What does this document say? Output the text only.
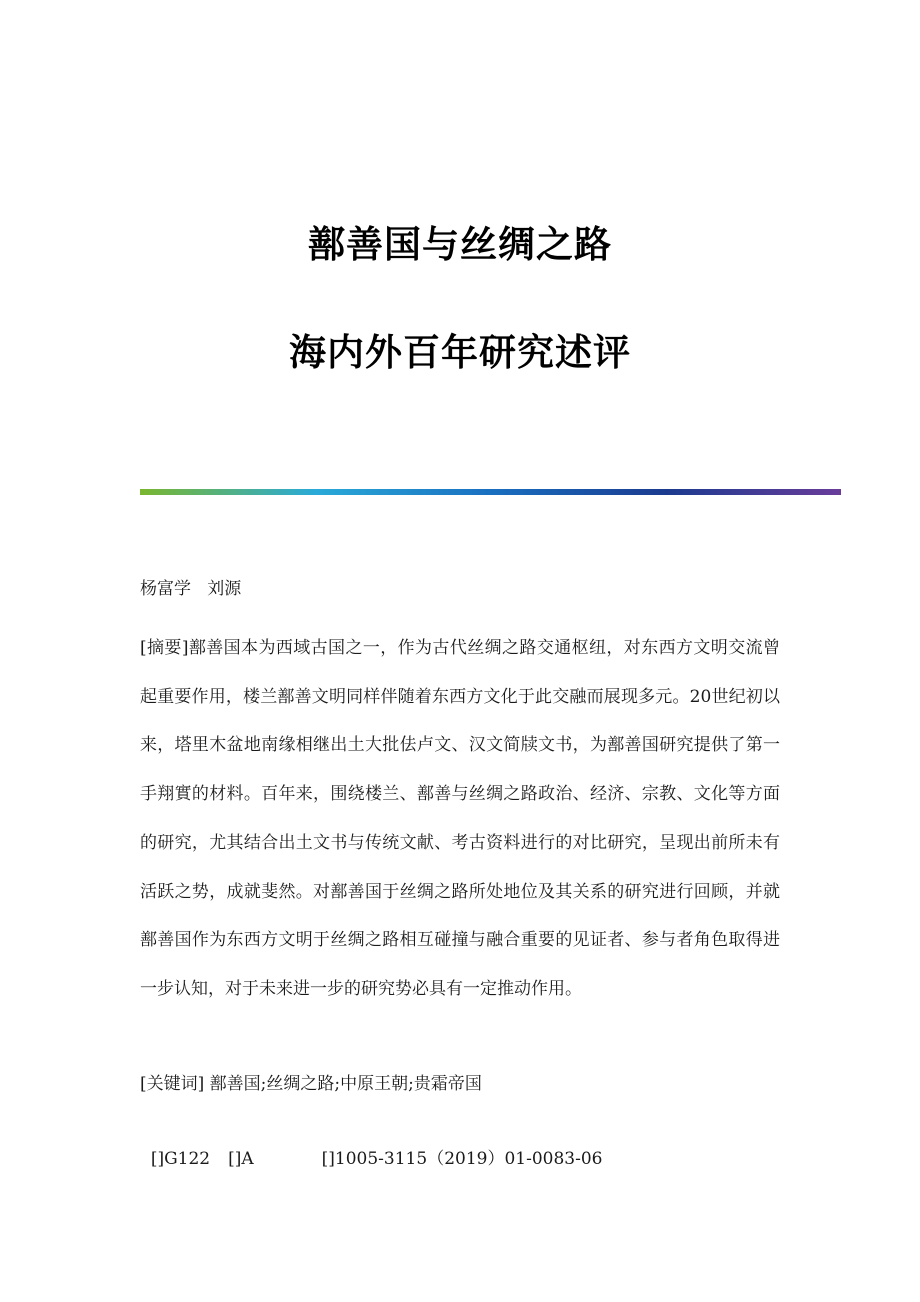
鄯善国与丝绸之路
海内外百年研究述评
杨富学   刘源

[摘要]鄯善国本为西域古国之一，作为古代丝绸之路交通枢纽，对东西方文明交流曾起重要作用，楼兰鄯善文明同样伴随着东西方文化于此交融而展现多元。20世纪初以来，塔里木盆地南缘相继出土大批佉卢文、汉文简牍文书，为鄯善国研究提供了第一手翔實的材料。百年来，围绕楼兰、鄯善与丝绸之路政治、经济、宗教、文化等方面的研究，尤其结合出土文书与传统文献、考古资料进行的对比研究，呈现出前所未有活跃之势，成就斐然。对鄯善国于丝绸之路所处地位及其关系的研究进行回顾，并就鄯善国作为东西方文明于丝绸之路相互碰撞与融合重要的见证者、参与者角色取得进一步认知，对于未来进一步的研究势必具有一定推动作用。

[关键词] 鄯善国;丝绸之路;中原王朝;贵霜帝国

[]G122 []A	[]1005-3115（2019）01-0083-06
